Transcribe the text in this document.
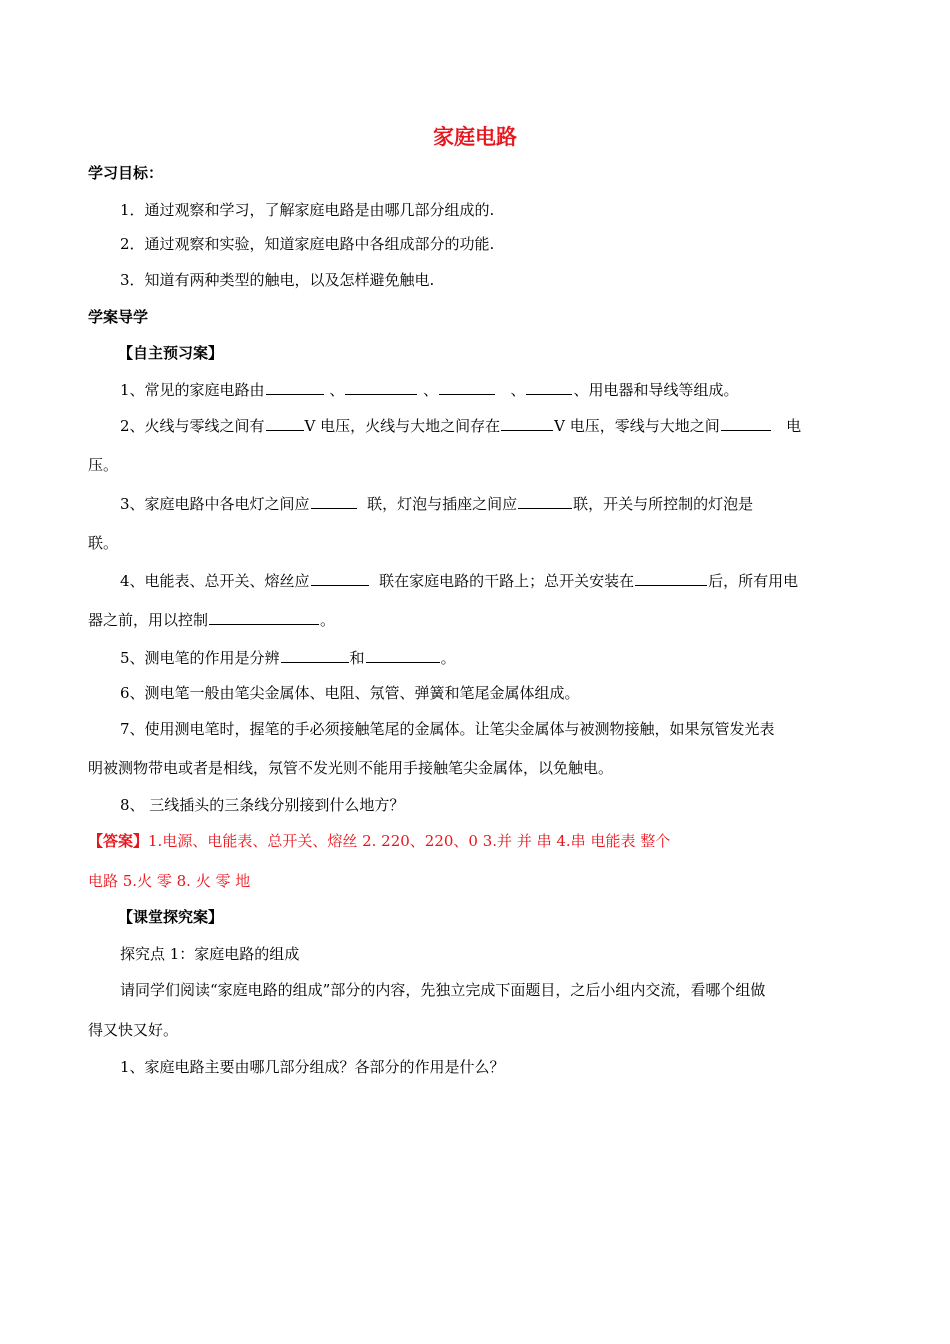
家庭电路
学习目标：
1．通过观察和学习，了解家庭电路是由哪几部分组成的.
2．通过观察和实验，知道家庭电路中各组成部分的功能.
3．知道有两种类型的触电，以及怎样避免触电.
学案导学
【自主预习案】
1、常见的家庭电路由	、	、	、	、用电器和导线等组成。
2、火线与零线之间有	V 电压，火线与大地之间存在	V 电压，零线与大地之间	电
压。
3、家庭电路中各电灯之间应	联，灯泡与插座之间应	联，开关与所控制的灯泡是
联。
4、电能表、总开关、熔丝应	联在家庭电路的干路上；总开关安装在	后，所有用电
器之前，用以控制	。
5、测电笔的作用是分辨	和	。
6、测电笔一般由笔尖金属体、电阻、氖管、弹簧和笔尾金属体组成。
7、使用测电笔时，握笔的手必须接触笔尾的金属体。让笔尖金属体与被测物接触，如果氖管发光表
明被测物带电或者是相线，氖管不发光则不能用手接触笔尖金属体，以免触电。
8、 三线插头的三条线分别接到什么地方？
【答案】1.电源、电能表、总开关、熔丝 2. 220、220、0 3.并 并 串 4.串 电能表 整个
电路 5.火 零 8. 火 零 地
【课堂探究案】
探究点 1：家庭电路的组成
请同学们阅读“家庭电路的组成”部分的内容，先独立完成下面题目，之后小组内交流，看哪个组做
得又快又好。
1、家庭电路主要由哪几部分组成？各部分的作用是什么？
